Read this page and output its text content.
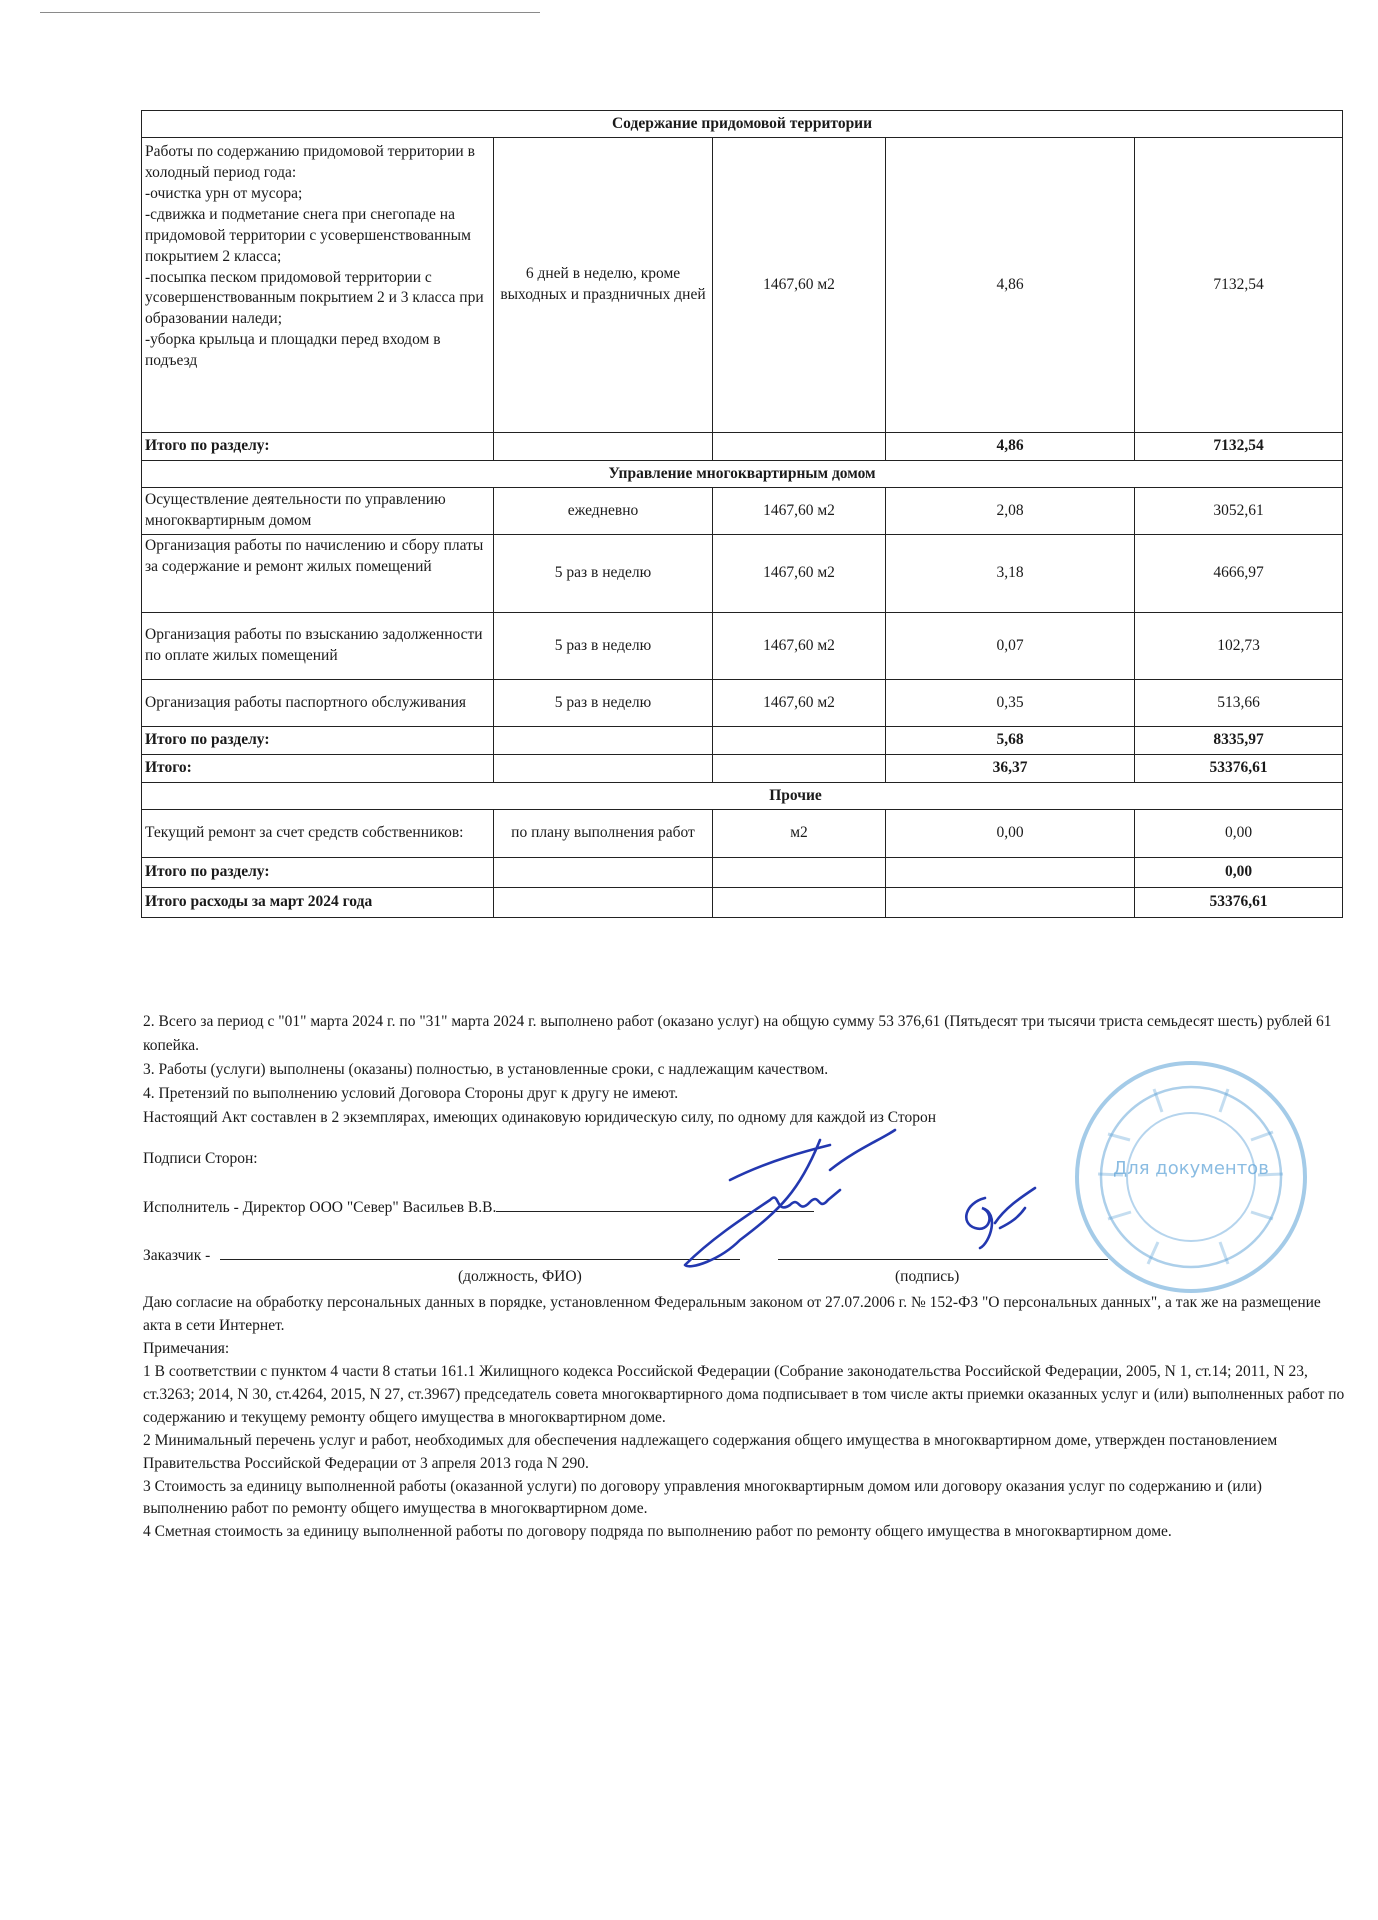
Содержание придомовой территории				
Работы по содержанию придомовой территории в холодный период года:
-очистка урн от мусора;
-сдвижка и подметание снега при снегопаде на придомовой территории с усовершенствованным покрытием 2 класса;
-посыпка песком придомовой территории с усовершенствованным покрытием 2 и 3 класса при образовании наледи;
-уборка крыльца и площадки перед входом в подъезд	6 дней в неделю, кроме выходных и праздничных дней	1467,60 м2	4,86	7132,54
Итого по разделу:			4,86	7132,54
Управление многоквартирным домом				
Осуществление деятельности по управлению многоквартирным домом	ежедневно	1467,60 м2	2,08	3052,61
Организация работы по начислению и сбору платы за содержание и ремонт жилых помещений	5 раз в неделю	1467,60 м2	3,18	4666,97
Организация работы по взысканию задолженности по оплате жилых помещений	5 раз в неделю	1467,60 м2	0,07	102,73
Организация работы паспортного обслуживания	5 раз в неделю	1467,60 м2	0,35	513,66
Итого по разделу:			5,68	8335,97
Итого:			36,37	53376,61
Прочие				
Текущий ремонт за счет средств собственников:	по плану выполнения работ	м2	0,00	0,00
Итого по разделу:				0,00
Итого расходы за март 2024 года				53376,61

2. Всего за период с "01" марта 2024 г. по "31" марта 2024 г. выполнено работ (оказано услуг) на общую сумму 53 376,61 (Пятьдесят три тысячи триста семьдесят шесть) рублей 61 копейка.

3. Работы (услуги) выполнены (оказаны) полностью, в установленные сроки, с надлежащим качеством.

4. Претензий по выполнению условий Договора Стороны друг к другу не имеют.

Настоящий Акт составлен в 2 экземплярах, имеющих одинаковую юридическую силу, по одному для каждой из Сторон

Подписи Сторон:
Исполнитель - Директор ООО "Север" Васильев В.В.
Заказчик -
(должность, ФИО)	(подпись)

Даю согласие на обработку персональных данных в порядке, установленном Федеральным законом от 27.07.2006 г. № 152-ФЗ "О персональных данных", а так же на размещение акта в сети Интернет.

Примечания:

1 В соответствии с пунктом 4 части 8 статьи 161.1 Жилищного кодекса Российской Федерации (Собрание законодательства Российской Федерации, 2005, N 1, ст.14; 2011, N 23, ст.3263; 2014, N 30, ст.4264, 2015, N 27, ст.3967) председатель совета многоквартирного дома подписывает в том числе акты приемки оказанных услуг и (или) выполненных работ по содержанию и текущему ремонту общего имущества в многоквартирном доме.

2 Минимальный перечень услуг и работ, необходимых для обеспечения надлежащего содержания общего имущества в многоквартирном доме, утвержден постановлением Правительства Российской Федерации от 3 апреля 2013 года N 290.

3 Стоимость за единицу выполненной работы (оказанной услуги) по договору управления многоквартирным домом или договору оказания услуг по содержанию и (или) выполнению работ по ремонту общего имущества в многоквартирном доме.

4 Сметная стоимость за единицу выполненной работы по договору подряда по выполнению работ по ремонту общего имущества в многоквартирном доме.

Для документов
